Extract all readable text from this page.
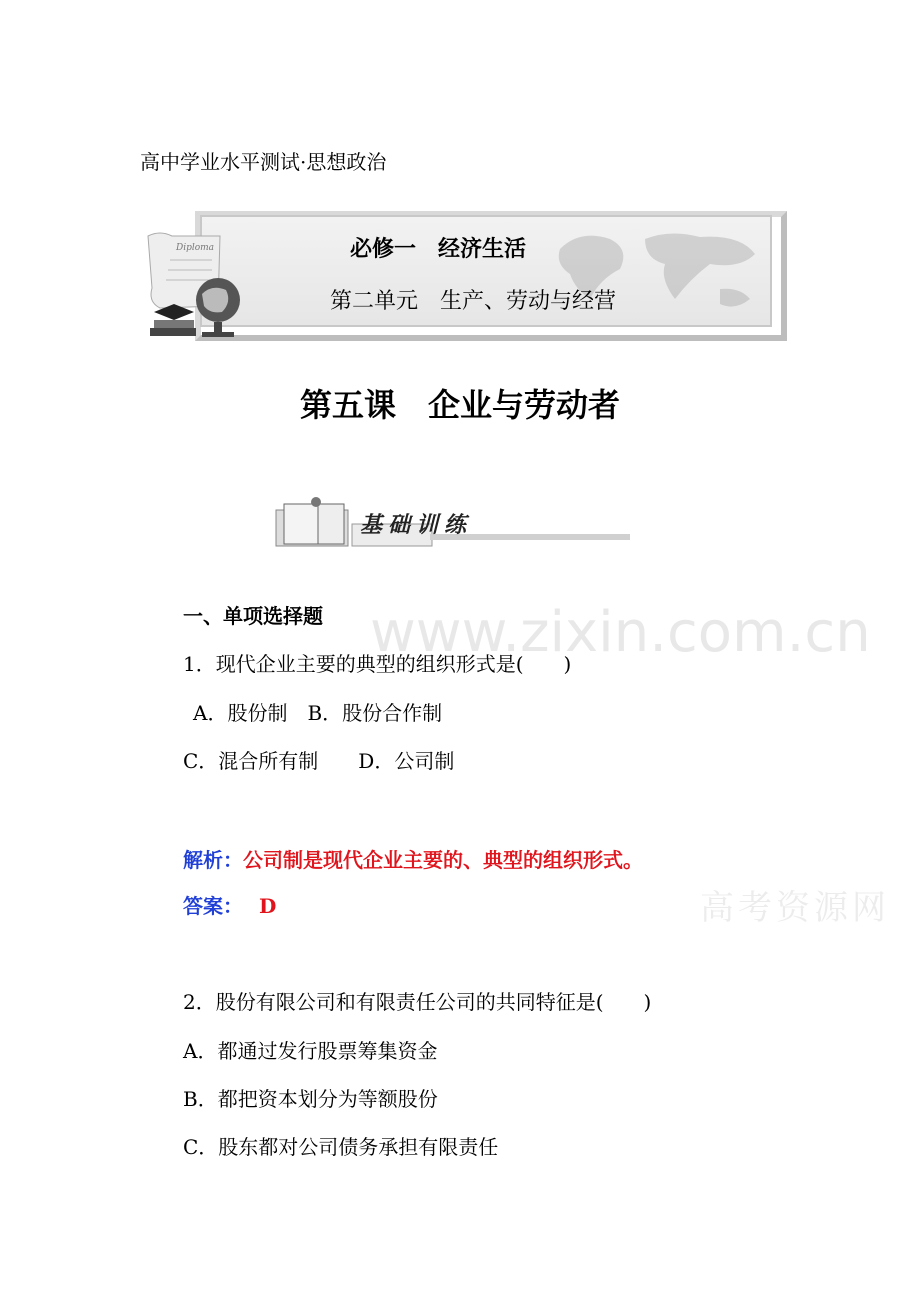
高中学业水平测试·思想政治
Diploma	必修一　经济生活
第二单元　生产、劳动与经营
第五课　企业与劳动者
基础训练
www.zixin.com.cn
一、单项选择题
1．现代企业主要的典型的组织形式是(　　)
A．股份制　B．股份合作制
C．混合所有制　　D．公司制
解析：公司制是现代企业主要的、典型的组织形式。
答案： D	高考资源网
2．股份有限公司和有限责任公司的共同特征是(　　)
A．都通过发行股票筹集资金
B．都把资本划分为等额股份
C．股东都对公司债务承担有限责任
